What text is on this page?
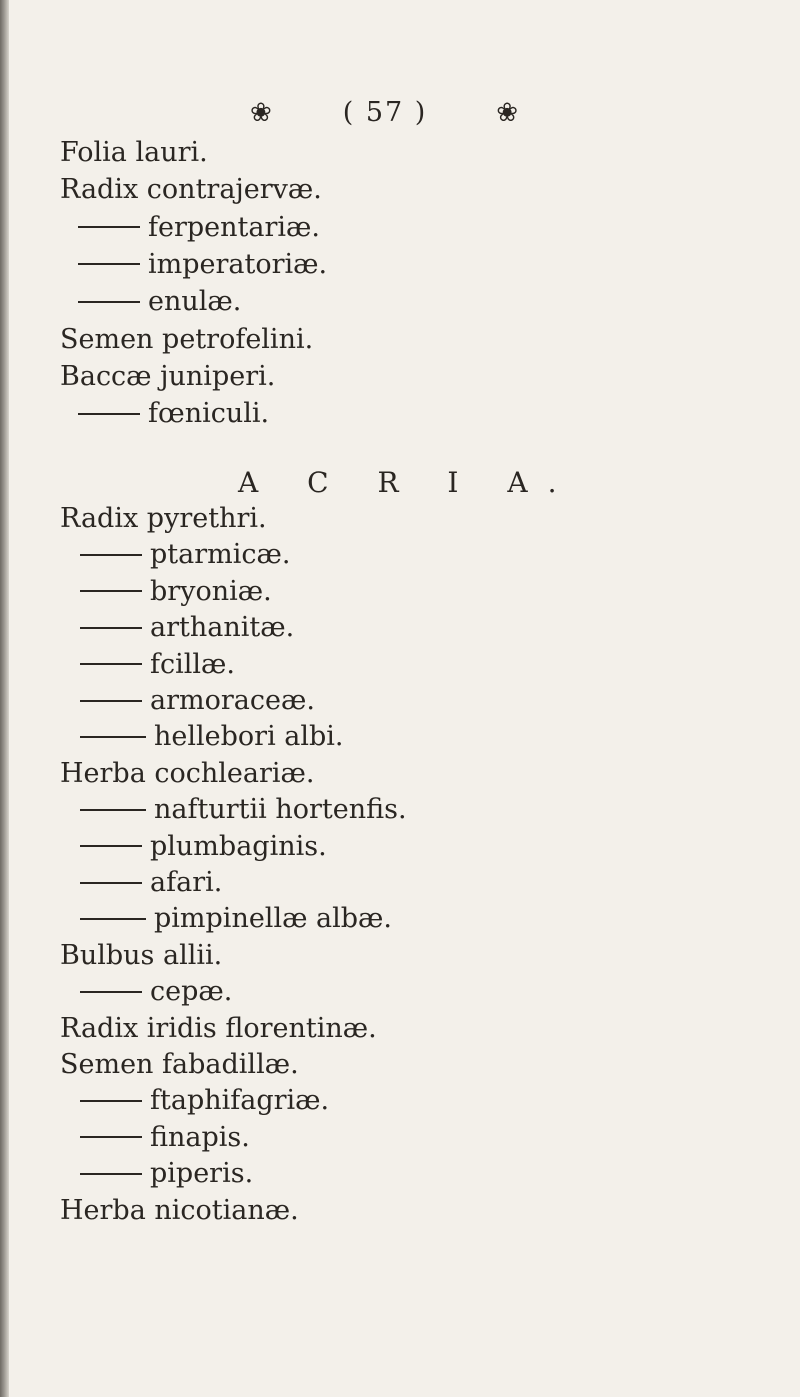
❀	( 57 )	❀
Folia lauri.
Radix contrajervæ.
ferpentariæ.
imperatoriæ.
enulæ.
Semen petrofelini.
Baccæ juniperi.
fœniculi.
A C R I A.
Radix pyrethri.
ptarmicæ.
bryoniæ.
arthanitæ.
fcillæ.
armoraceæ.
hellebori albi.
Herba cochleariæ.
nafturtii hortenfis.
plumbaginis.
afari.
pimpinellæ albæ.
Bulbus allii.
cepæ.
Radix iridis florentinæ.
Semen fabadillæ.
ftaphifagriæ.
finapis.
piperis.
Herba nicotianæ.
